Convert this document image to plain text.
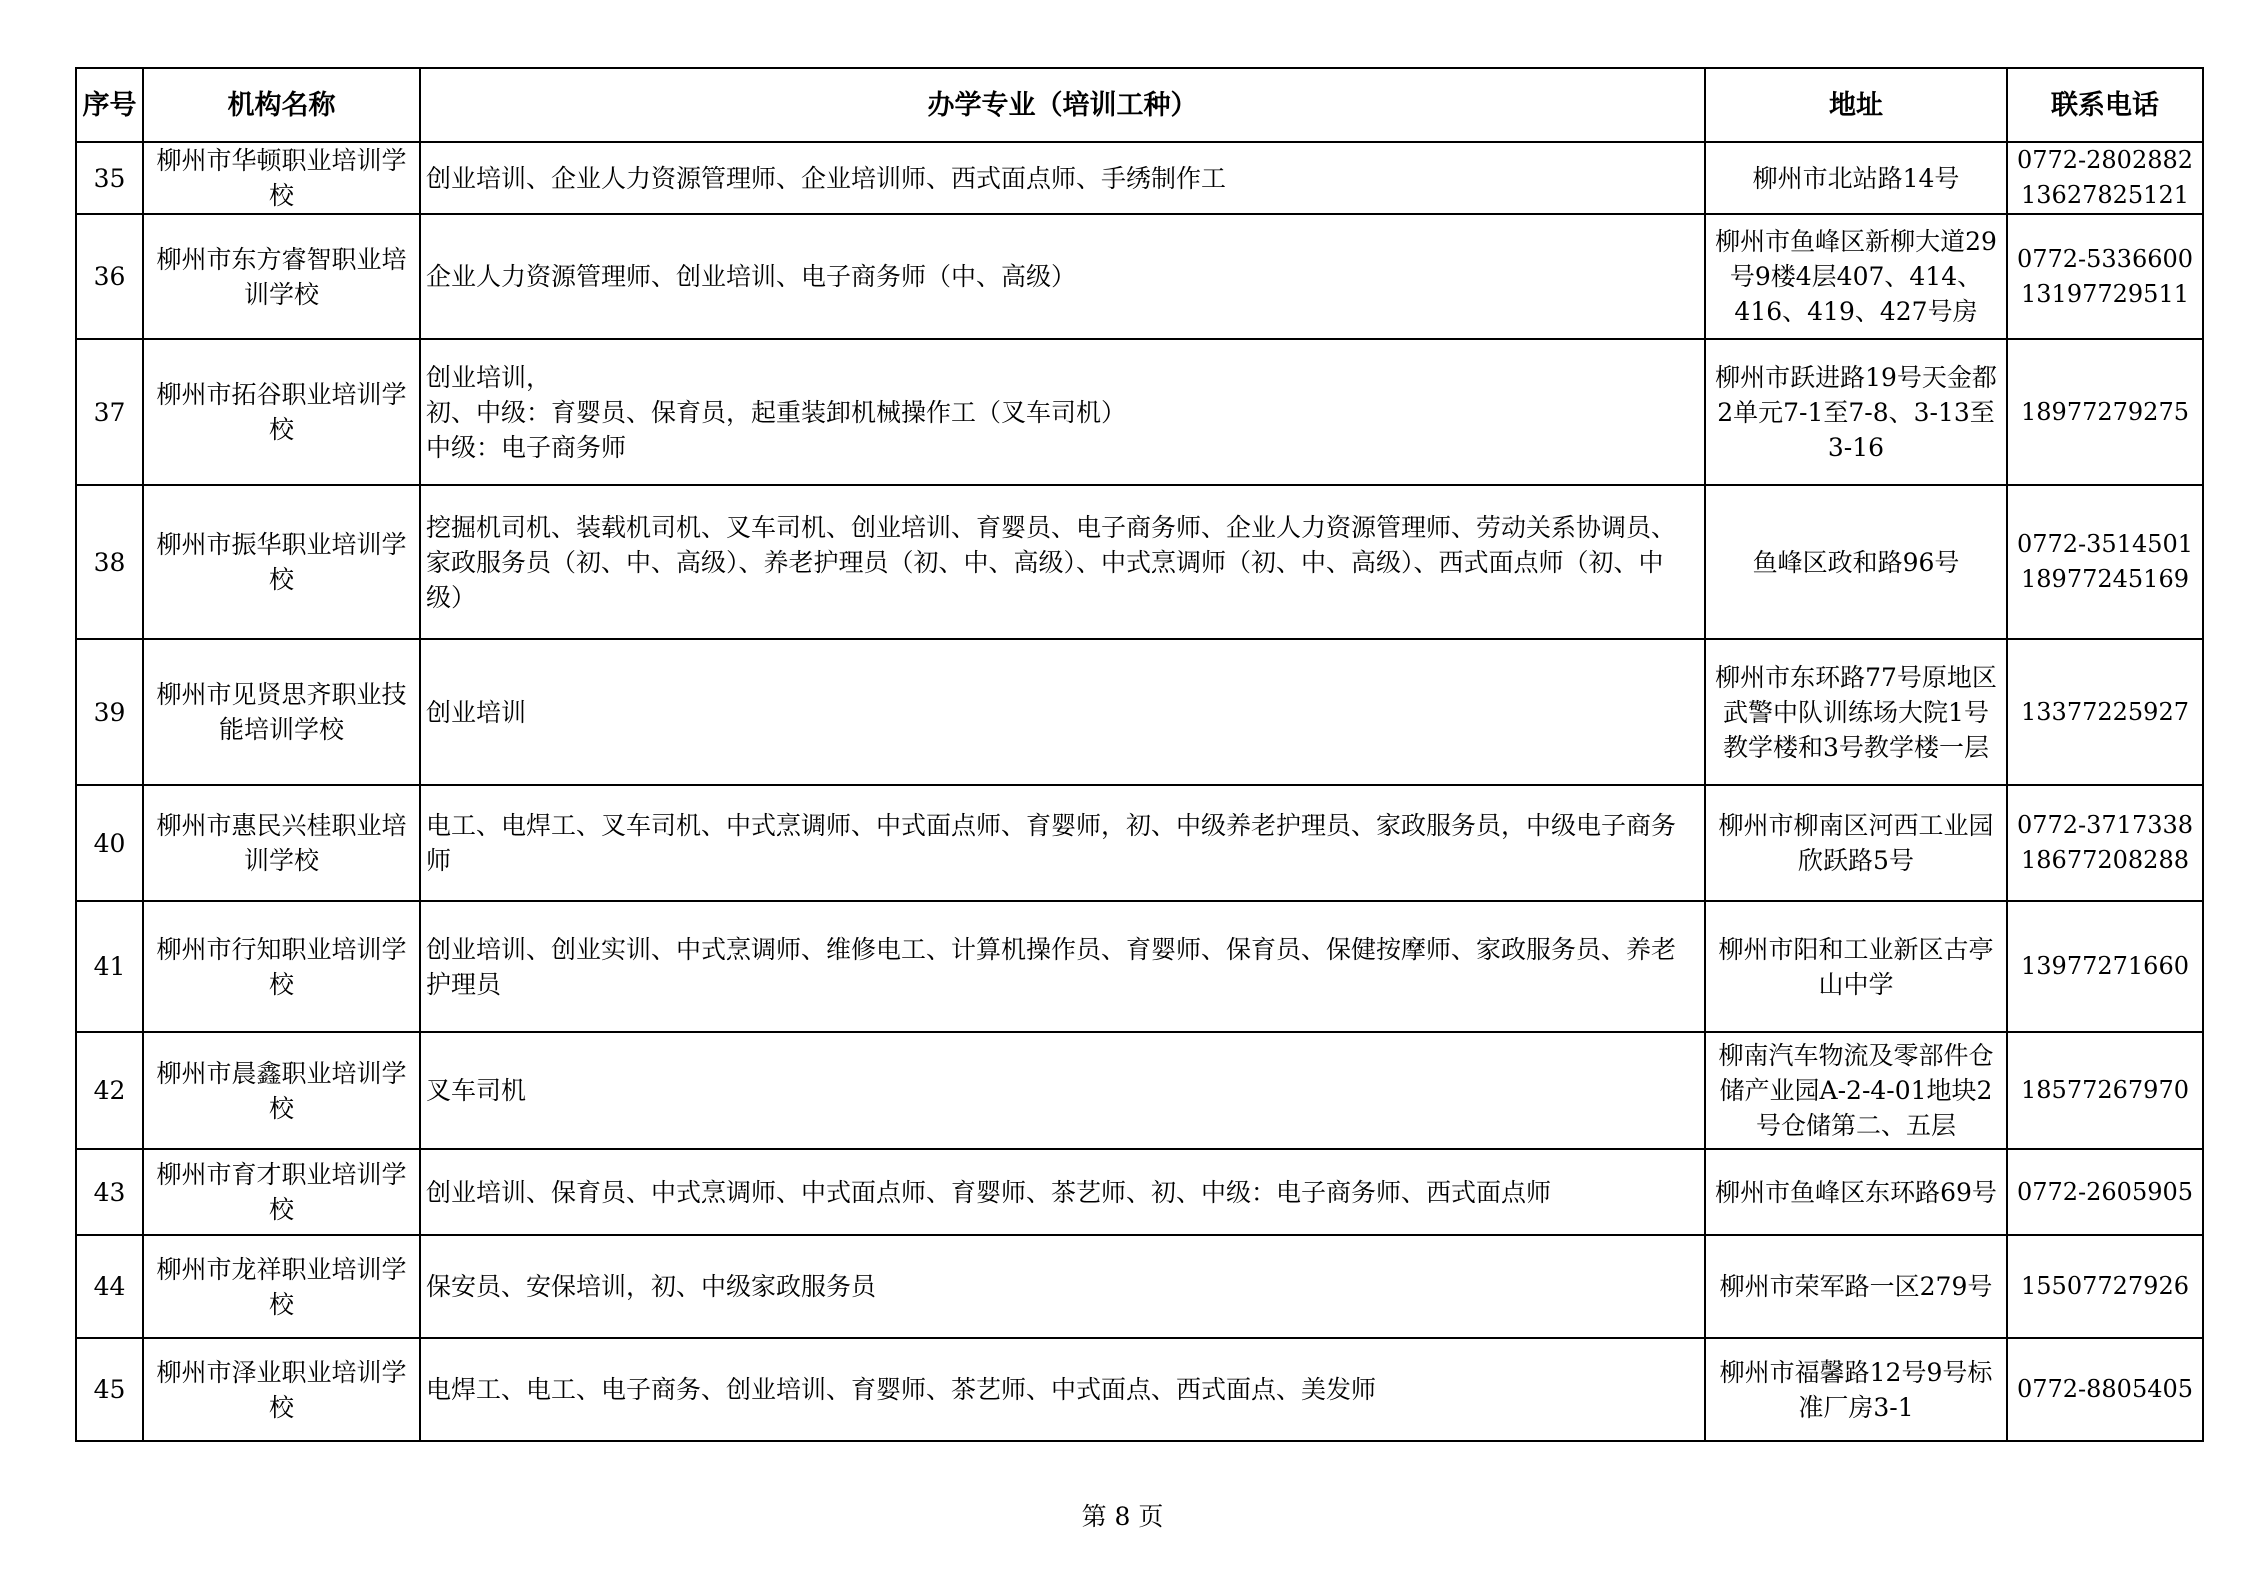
序号	机构名称	办学专业（培训工种）	地址	联系电话
35	柳州市华顿职业培训学校	创业培训、企业人力资源管理师、企业培训师、西式面点师、手绣制作工	柳州市北站路14号	0772-2802882
13627825121
36	柳州市东方睿智职业培训学校	企业人力资源管理师、创业培训、电子商务师（中、高级）	柳州市鱼峰区新柳大道29号9楼4层407、414、416、419、427号房	0772-5336600
13197729511
37	柳州市拓谷职业培训学校	创业培训，
初、中级：育婴员、保育员，起重装卸机械操作工（叉车司机）
中级：电子商务师	柳州市跃进路19号天金都2单元7-1至7-8、3-13至3-16	18977279275
38	柳州市振华职业培训学校	挖掘机司机、装载机司机、叉车司机、创业培训、育婴员、电子商务师、企业人力资源管理师、劳动关系协调员、家政服务员（初、中、高级）、养老护理员（初、中、高级）、中式烹调师（初、中、高级）、西式面点师（初、中级）	鱼峰区政和路96号	0772-3514501
18977245169
39	柳州市见贤思齐职业技能培训学校	创业培训	柳州市东环路77号原地区武警中队训练场大院1号教学楼和3号教学楼一层	13377225927
40	柳州市惠民兴桂职业培训学校	电工、电焊工、叉车司机、中式烹调师、中式面点师、育婴师，初、中级养老护理员、家政服务员，中级电子商务师	柳州市柳南区河西工业园欣跃路5号	0772-3717338
18677208288
41	柳州市行知职业培训学校	创业培训、创业实训、中式烹调师、维修电工、计算机操作员、育婴师、保育员、保健按摩师、家政服务员、养老护理员	柳州市阳和工业新区古亭山中学	13977271660
42	柳州市晨鑫职业培训学校	叉车司机	柳南汽车物流及零部件仓储产业园A-2-4-01地块2号仓储第二、五层	18577267970
43	柳州市育才职业培训学校	创业培训、保育员、中式烹调师、中式面点师、育婴师、茶艺师、初、中级：电子商务师、西式面点师	柳州市鱼峰区东环路69号	0772-2605905
44	柳州市龙祥职业培训学校	保安员、安保培训，初、中级家政服务员	柳州市荣军路一区279号	15507727926
45	柳州市泽业职业培训学校	电焊工、电工、电子商务、创业培训、育婴师、茶艺师、中式面点、西式面点、美发师	柳州市福馨路12号9号标准厂房3-1	0772-8805405
第 8 页
